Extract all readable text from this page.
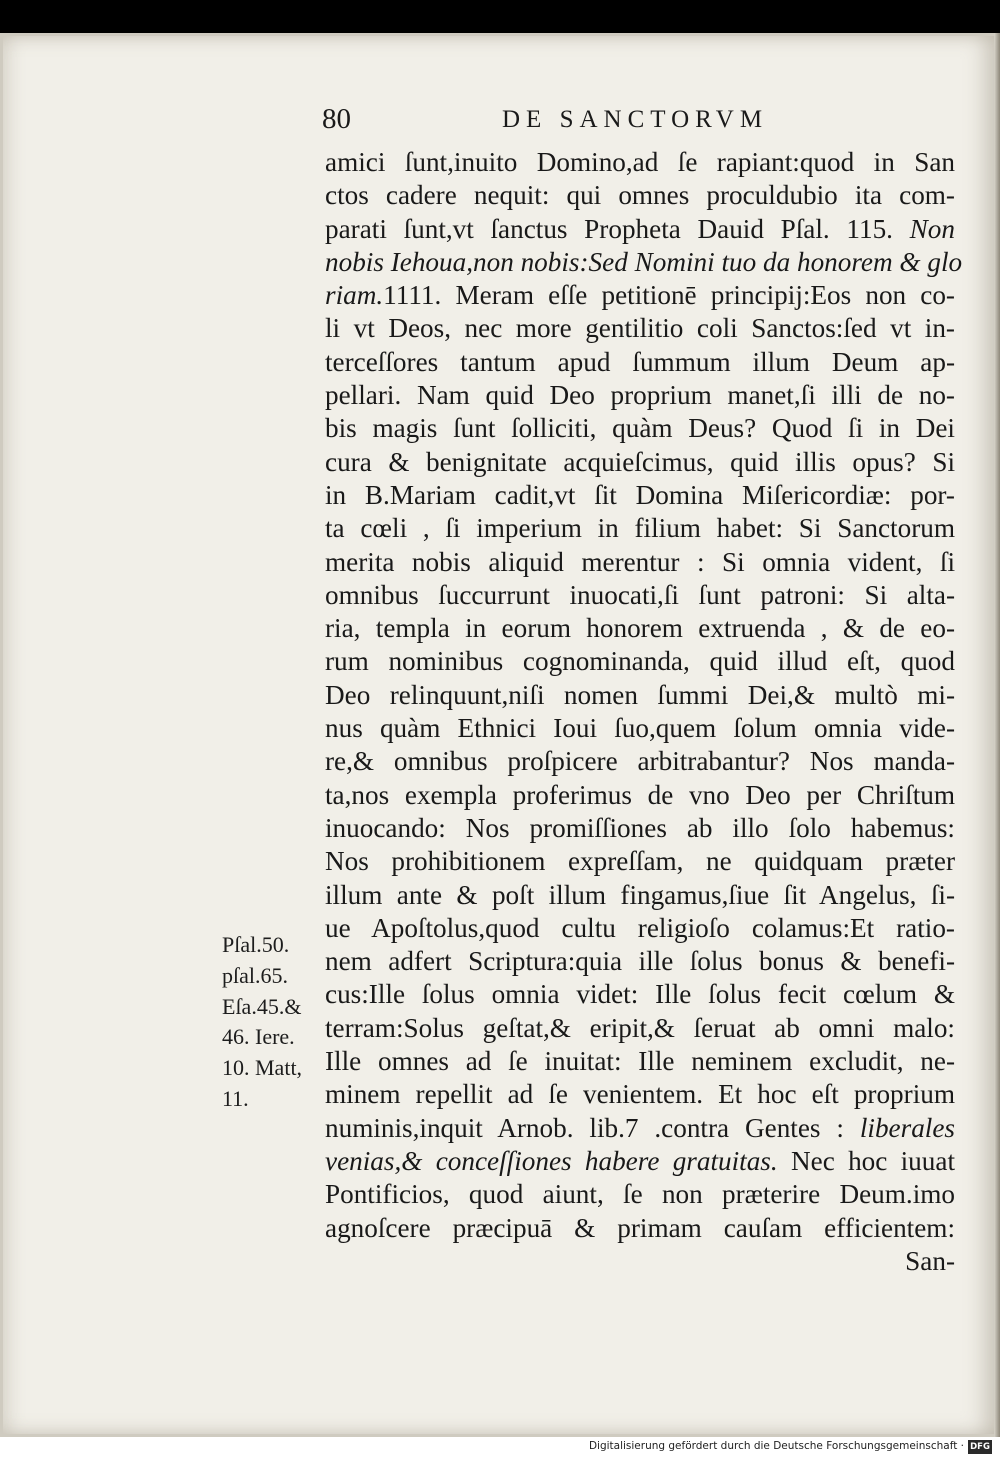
80	DE SANCTORVM
amici ſunt,inuito Domino,ad ſe rapiant:quod in San
ctos cadere nequit: qui omnes proculdubio ita com-
parati ſunt,vt ſanctus Propheta Dauid Pſal. 115. Non
nobis Iehoua,non nobis:Sed Nomini tuo da honorem & glo
riam.1111. Meram eſſe petitionē principij:Eos non co-
li vt Deos, nec more gentilitio coli Sanctos:ſed vt in-
terceſſores tantum apud ſummum illum Deum ap-
pellari. Nam quid Deo proprium manet,ſi illi de no-
bis magis ſunt ſolliciti, quàm Deus? Quod ſi in Dei
cura & benignitate acquieſcimus, quid illis opus? Si
in B.Mariam cadit,vt ſit Domina Miſericordiæ: por-
ta cœli , ſi imperium in filium habet: Si Sanctorum
merita nobis aliquid merentur : Si omnia vident, ſi
omnibus ſuccurrunt inuocati,ſi ſunt patroni: Si alta-
ria, templa in eorum honorem extruenda , & de eo-
rum nominibus cognominanda, quid illud eſt, quod
Deo relinquunt,niſi nomen ſummi Dei,& multò mi-
nus quàm Ethnici Ioui ſuo,quem ſolum omnia vide-
re,& omnibus proſpicere arbitrabantur? Nos manda-
ta,nos exempla proferimus de vno Deo per Chriſtum
inuocando: Nos promiſſiones ab illo ſolo habemus:
Nos prohibitionem expreſſam, ne quidquam præter
illum ante & poſt illum fingamus,ſiue ſit Angelus, ſi-
ue Apoſtolus,quod cultu religioſo colamus:Et ratio-
nem adfert Scriptura:quia ille ſolus bonus & benefi-
cus:Ille ſolus omnia videt: Ille ſolus fecit cœlum &
terram:Solus geſtat,& eripit,& ſeruat ab omni malo:
Ille omnes ad ſe inuitat: Ille neminem excludit, ne-
minem repellit ad ſe venientem. Et hoc eſt proprium
numinis,inquit Arnob. lib.7 .contra Gentes : liberales
venias,& conceſſiones habere gratuitas. Nec hoc iuuat
Pontificios, quod aiunt, ſe non præterire Deum.imo
agnoſcere præcipuā & primam cauſam efficientem:
San-
Pſal.50.
pſal.65.
Eſa.45.&
46. Iere.
10. Matt,
11.
Digitalisierung gefördert durch die Deutsche Forschungsgemeinschaft · DFG
